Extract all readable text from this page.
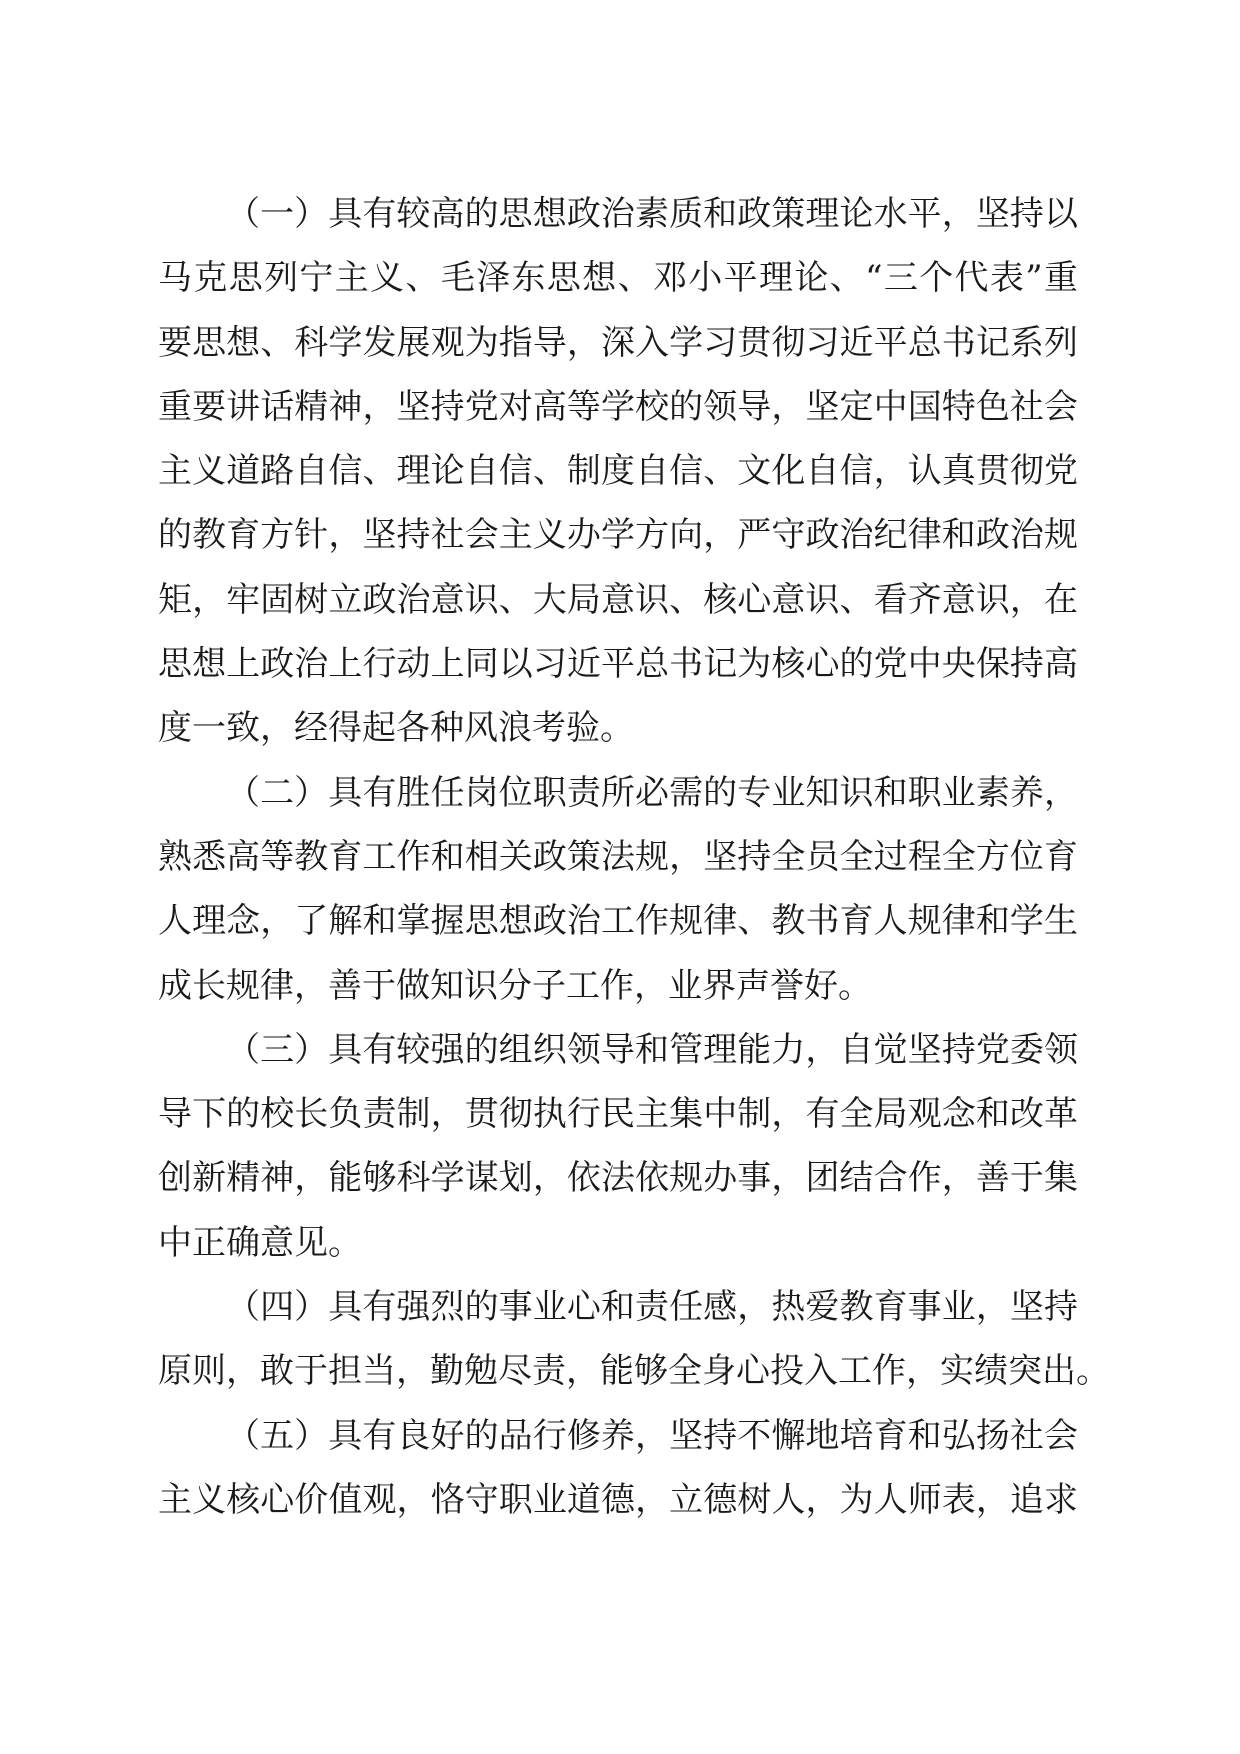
（一）具有较高的思想政治素质和政策理论水平，坚持以
马克思列宁主义、毛泽东思想、邓小平理论、“三个代表”重
要思想、科学发展观为指导，深入学习贯彻习近平总书记系列
重要讲话精神，坚持党对高等学校的领导，坚定中国特色社会
主义道路自信、理论自信、制度自信、文化自信，认真贯彻党
的教育方针，坚持社会主义办学方向，严守政治纪律和政治规
矩，牢固树立政治意识、大局意识、核心意识、看齐意识，在
思想上政治上行动上同以习近平总书记为核心的党中央保持高
度一致，经得起各种风浪考验。
（二）具有胜任岗位职责所必需的专业知识和职业素养，
熟悉高等教育工作和相关政策法规，坚持全员全过程全方位育
人理念，了解和掌握思想政治工作规律、教书育人规律和学生
成长规律，善于做知识分子工作，业界声誉好。
（三）具有较强的组织领导和管理能力，自觉坚持党委领
导下的校长负责制，贯彻执行民主集中制，有全局观念和改革
创新精神，能够科学谋划，依法依规办事，团结合作，善于集
中正确意见。
（四）具有强烈的事业心和责任感，热爱教育事业，坚持
原则，敢于担当，勤勉尽责，能够全身心投入工作，实绩突出。
（五）具有良好的品行修养，坚持不懈地培育和弘扬社会
主义核心价值观，恪守职业道德，立德树人，为人师表，追求
